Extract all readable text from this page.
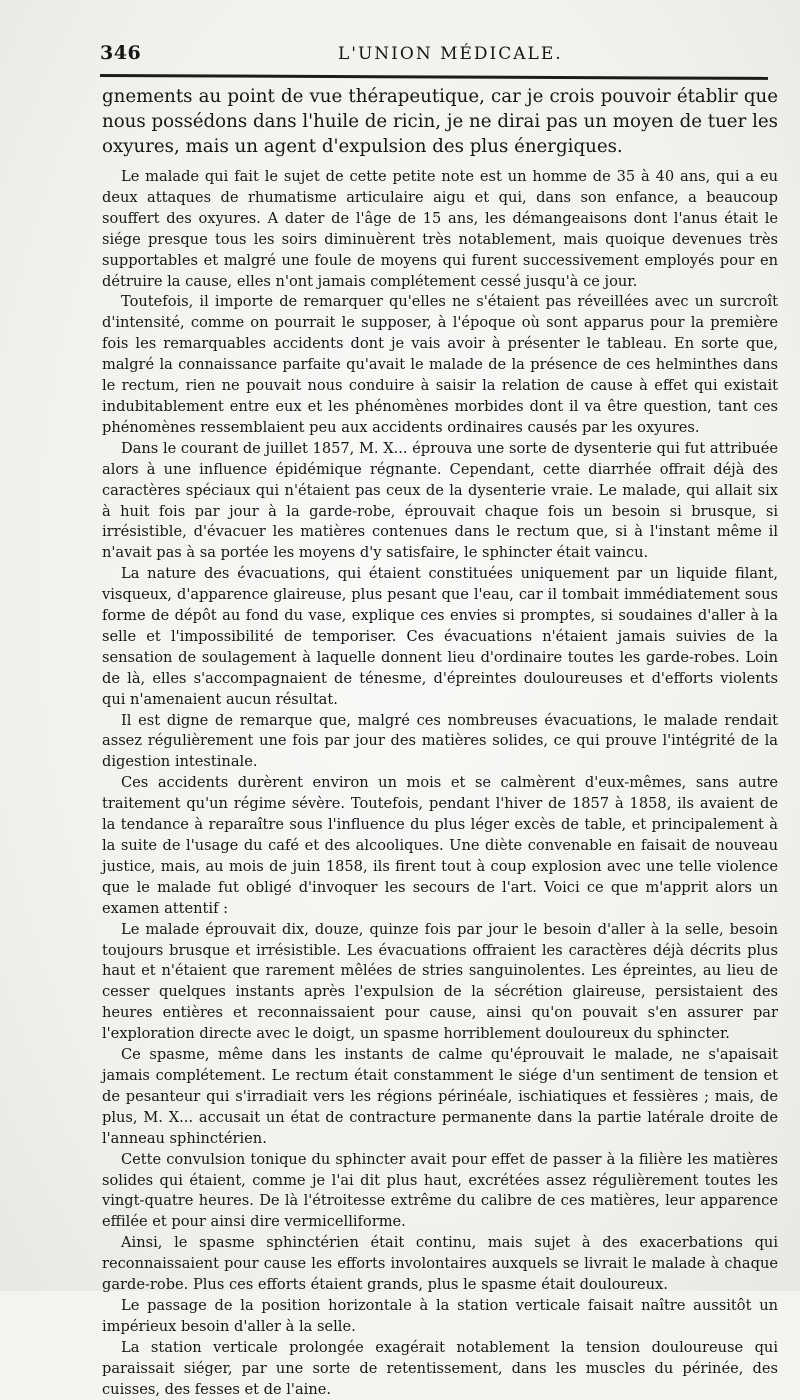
346	L'UNION MÉDICALE.

gnements au point de vue thérapeutique, car je crois pouvoir établir que nous possédons dans l'huile de ricin, je ne dirai pas un moyen de tuer les oxyures, mais un agent d'expulsion des plus énergiques.

Le malade qui fait le sujet de cette petite note est un homme de 35 à 40 ans, qui a eu deux attaques de rhumatisme articulaire aigu et qui, dans son enfance, a beaucoup souffert des oxyures. A dater de l'âge de 15 ans, les démangeaisons dont l'anus était le siége presque tous les soirs diminuèrent très notablement, mais quoique devenues très supportables et malgré une foule de moyens qui furent successivement employés pour en détruire la cause, elles n'ont jamais complétement cessé jusqu'à ce jour.

Toutefois, il importe de remarquer qu'elles ne s'étaient pas réveillées avec un surcroît d'intensité, comme on pourrait le supposer, à l'époque où sont apparus pour la première fois les remarquables accidents dont je vais avoir à présenter le tableau. En sorte que, malgré la connaissance parfaite qu'avait le malade de la présence de ces helminthes dans le rectum, rien ne pouvait nous conduire à saisir la relation de cause à effet qui existait indubitablement entre eux et les phénomènes morbides dont il va être question, tant ces phénomènes ressemblaient peu aux accidents ordinaires causés par les oxyures.

Dans le courant de juillet 1857, M. X... éprouva une sorte de dysenterie qui fut attribuée alors à une influence épidémique régnante. Cependant, cette diarrhée offrait déjà des caractères spéciaux qui n'étaient pas ceux de la dysenterie vraie. Le malade, qui allait six à huit fois par jour à la garde-robe, éprouvait chaque fois un besoin si brusque, si irrésistible, d'évacuer les matières contenues dans le rectum que, si à l'instant même il n'avait pas à sa portée les moyens d'y satisfaire, le sphincter était vaincu.

La nature des évacuations, qui étaient constituées uniquement par un liquide filant, visqueux, d'apparence glaireuse, plus pesant que l'eau, car il tombait immédiatement sous forme de dépôt au fond du vase, explique ces envies si promptes, si soudaines d'aller à la selle et l'impossibilité de temporiser. Ces évacuations n'étaient jamais suivies de la sensation de soulagement à laquelle donnent lieu d'ordinaire toutes les garde-robes. Loin de là, elles s'accompagnaient de ténesme, d'épreintes douloureuses et d'efforts violents qui n'amenaient aucun résultat.

Il est digne de remarque que, malgré ces nombreuses évacuations, le malade rendait assez régulièrement une fois par jour des matières solides, ce qui prouve l'intégrité de la digestion intestinale.

Ces accidents durèrent environ un mois et se calmèrent d'eux-mêmes, sans autre traitement qu'un régime sévère. Toutefois, pendant l'hiver de 1857 à 1858, ils avaient de la tendance à reparaître sous l'influence du plus léger excès de table, et principalement à la suite de l'usage du café et des alcooliques. Une diète convenable en faisait de nouveau justice, mais, au mois de juin 1858, ils firent tout à coup explosion avec une telle violence que le malade fut obligé d'invoquer les secours de l'art. Voici ce que m'apprit alors un examen attentif :

Le malade éprouvait dix, douze, quinze fois par jour le besoin d'aller à la selle, besoin toujours brusque et irrésistible. Les évacuations offraient les caractères déjà décrits plus haut et n'étaient que rarement mêlées de stries sanguinolentes. Les épreintes, au lieu de cesser quelques instants après l'expulsion de la sécrétion glaireuse, persistaient des heures entières et reconnaissaient pour cause, ainsi qu'on pouvait s'en assurer par l'exploration directe avec le doigt, un spasme horriblement douloureux du sphincter.

Ce spasme, même dans les instants de calme qu'éprouvait le malade, ne s'apaisait jamais complétement. Le rectum était constamment le siége d'un sentiment de tension et de pesanteur qui s'irradiait vers les régions périnéale, ischiatiques et fessières ; mais, de plus, M. X... accusait un état de contracture permanente dans la partie latérale droite de l'anneau sphinctérien.

Cette convulsion tonique du sphincter avait pour effet de passer à la filière les matières solides qui étaient, comme je l'ai dit plus haut, excrétées assez régulièrement toutes les vingt-quatre heures. De là l'étroitesse extrême du calibre de ces matières, leur apparence effilée et pour ainsi dire vermicelliforme.

Ainsi, le spasme sphinctérien était continu, mais sujet à des exacerbations qui reconnaissaient pour cause les efforts involontaires auxquels se livrait le malade à chaque garde-robe. Plus ces efforts étaient grands, plus le spasme était douloureux.

Le passage de la position horizontale à la station verticale faisait naître aussitôt un impérieux besoin d'aller à la selle.

La station verticale prolongée exagérait notablement la tension douloureuse qui paraissait siéger, par une sorte de retentissement, dans les muscles du périnée, des cuisses, des fesses et de l'aine.
